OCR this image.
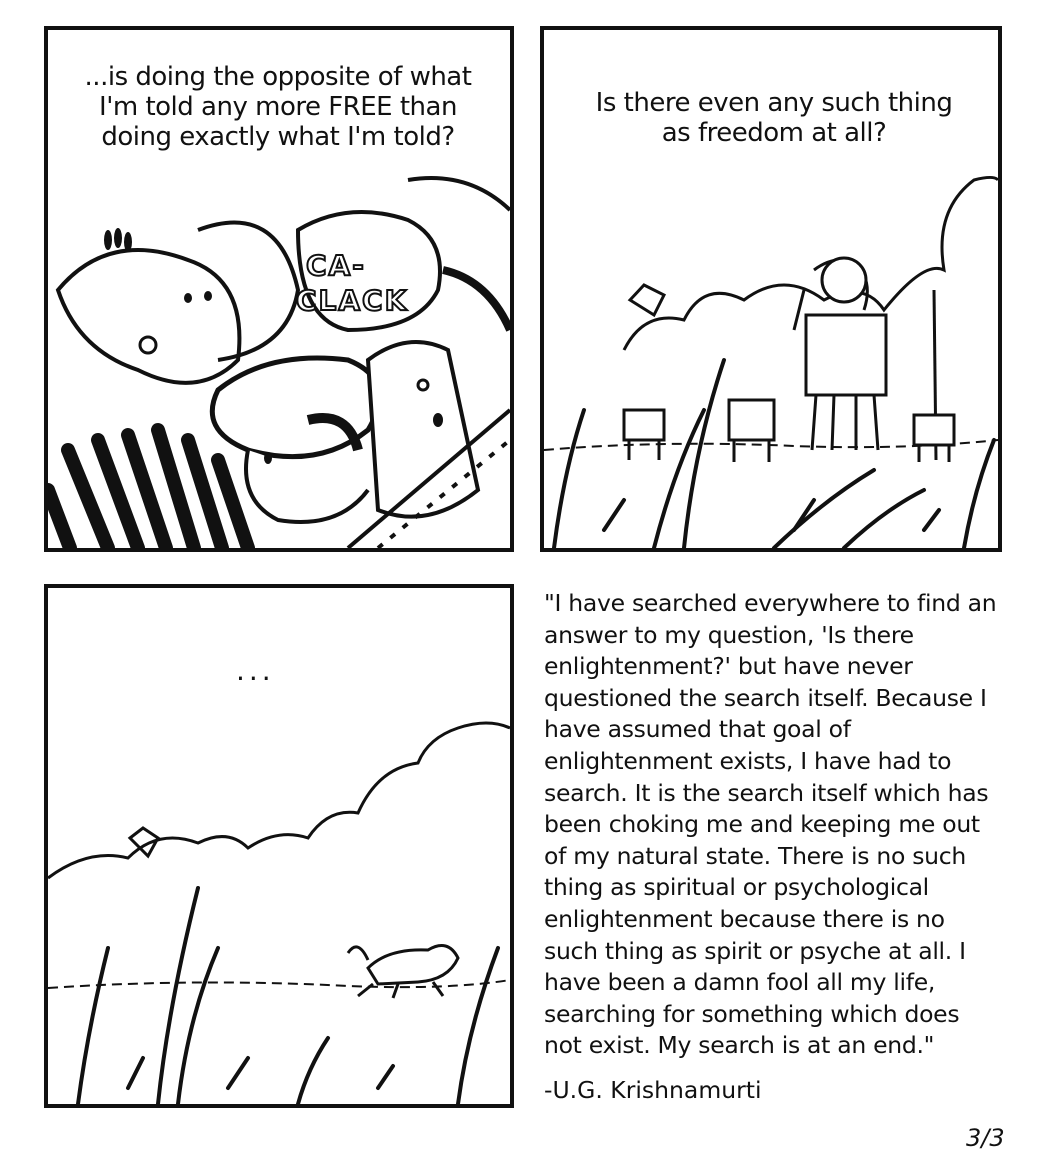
CA-
CLACK
...is doing the opposite of what
I'm told any more FREE than
doing exactly what I'm told?
Is there even any such thing
as freedom at all?
...

"I have searched everywhere to find an
answer to my question, 'Is there
enlightenment?' but have never
questioned the search itself. Because I
have assumed that goal of
enlightenment exists, I have had to
search. It is the search itself which has
been choking me and keeping me out
of my natural state. There is no such
thing as spiritual or psychological
enlightenment because there is no
such thing as spirit or psyche at all. I
have been a damn fool all my life,
searching for something which does
not exist. My search is at an end."

-U.G. Krishnamurti
3/3
